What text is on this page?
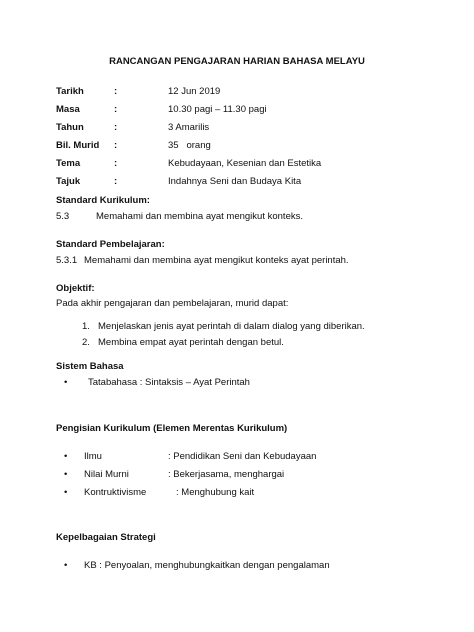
RANCANGAN PENGAJARAN HARIAN BAHASA MELAYU
Tarikh	:	12 Jun 2019
Masa	:	10.30 pagi – 11.30 pagi
Tahun	:	3 Amarilis
Bil. Murid :	35   orang
Tema	:	Kebudayaan, Kesenian dan Estetika
Tajuk	:	Indahnya Seni dan Budaya Kita
Standard Kurikulum:
5.3	Memahami dan membina ayat mengikut konteks.
Standard Pembelajaran:
5.3.1 Memahami dan membina ayat mengikut konteks ayat perintah.
Objektif:
Pada akhir pengajaran dan pembelajaran, murid dapat:
1. Menjelaskan jenis ayat perintah di dalam dialog yang diberikan.
2. Membina empat ayat perintah dengan betul.
Sistem Bahasa
•
Tatabahasa : Sintaksis – Ayat Perintah
Pengisian Kurikulum (Elemen Merentas Kurikulum)
•
Ilmu	: Pendidikan Seni dan Kebudayaan
•
Nilai Murni	: Bekerjasama, menghargai
•
Kontruktivisme	: Menghubung kait
Kepelbagaian Strategi
•
KB : Penyoalan, menghubungkaitkan dengan pengalaman
